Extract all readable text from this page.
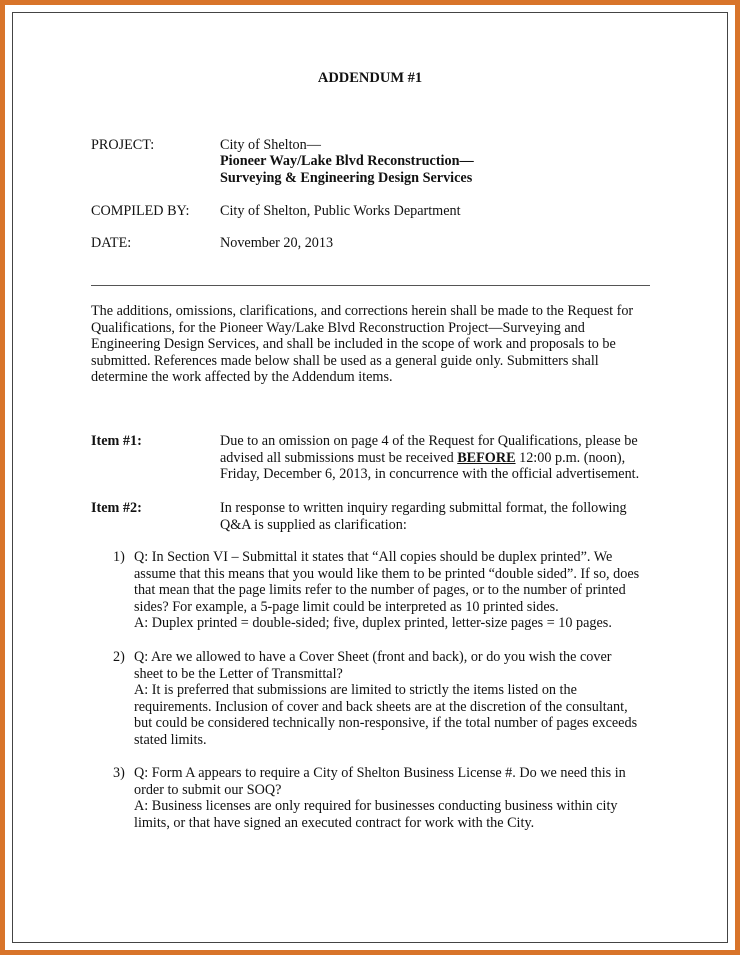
ADDENDUM #1
PROJECT:	City of Shelton—
Pioneer Way/Lake Blvd Reconstruction—
Surveying & Engineering Design Services
COMPILED BY: City of Shelton, Public Works Department
DATE:	November 20, 2013

The additions, omissions, clarifications, and corrections herein shall be made to the Request for

Qualifications, for the Pioneer Way/Lake Blvd Reconstruction Project—Surveying and

Engineering Design Services, and shall be included in the scope of work and proposals to be

submitted. References made below shall be used as a general guide only. Submitters shall

determine the work affected by the Addendum items.

Item #1:	Due to an omission on page 4 of the Request for Qualifications, please be

advised all submissions must be received BEFORE 12:00 p.m. (noon),

Friday, December 6, 2013, in concurrence with the official advertisement.

Item #2:	In response to written inquiry regarding submittal format, the following

Q&A is supplied as clarification:

1) Q: In Section VI – Submittal it states that “All copies should be duplex printed”. We

assume that this means that you would like them to be printed “double sided”. If so, does

that mean that the page limits refer to the number of pages, or to the number of printed

sides? For example, a 5-page limit could be interpreted as 10 printed sides.

A: Duplex printed = double-sided; five, duplex printed, letter-size pages = 10 pages.

2) Q: Are we allowed to have a Cover Sheet (front and back), or do you wish the cover

sheet to be the Letter of Transmittal?

A: It is preferred that submissions are limited to strictly the items listed on the

requirements. Inclusion of cover and back sheets are at the discretion of the consultant,

but could be considered technically non-responsive, if the total number of pages exceeds

stated limits.

3) Q: Form A appears to require a City of Shelton Business License #. Do we need this in

order to submit our SOQ?

A: Business licenses are only required for businesses conducting business within city

limits, or that have signed an executed contract for work with the City.
